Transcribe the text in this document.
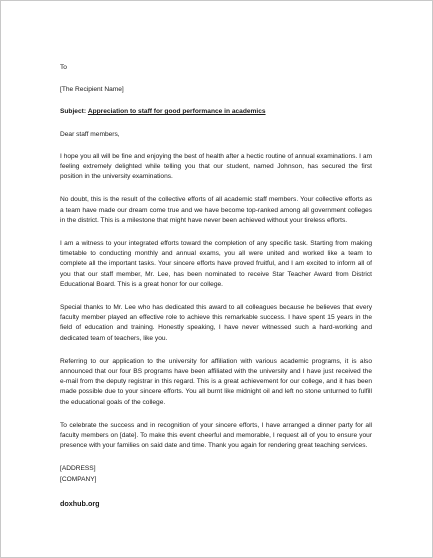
To
[The Recipient Name]
Subject: Appreciation to staff for good performance in academics
Dear staff members,

I hope you all will be fine and enjoying the best of health after a hectic routine of annual examinations. I am feeling extremely delighted while telling you that our student, named Johnson, has secured the first position in the university examinations.

No doubt, this is the result of the collective efforts of all academic staff members. Your collective efforts as a team have made our dream come true and we have become top-ranked among all government colleges in the district. This is a milestone that might have never been achieved without your tireless efforts.

I am a witness to your integrated efforts toward the completion of any specific task. Starting from making timetable to conducting monthly and annual exams, you all were united and worked like a team to complete all the important tasks. Your sincere efforts have proved fruitful, and I am excited to inform all of you that our staff member, Mr. Lee, has been nominated to receive Star Teacher Award from District Educational Board. This is a great honor for our college.

Special thanks to Mr. Lee who has dedicated this award to all colleagues because he believes that every faculty member played an effective role to achieve this remarkable success. I have spent 15 years in the field of education and training. Honestly speaking, I have never witnessed such a hard-working and dedicated team of teachers, like you.

Referring to our application to the university for affiliation with various academic programs, it is also announced that our four BS programs have been affiliated with the university and I have just received the e-mail from the deputy registrar in this regard. This is a great achievement for our college, and it has been made possible due to your sincere efforts. You all burnt like midnight oil and left no stone unturned to fulfill the educational goals of the college.

To celebrate the success and in recognition of your sincere efforts, I have arranged a dinner party for all faculty members on [date]. To make this event cheerful and memorable, I request all of you to ensure your presence with your families on said date and time. Thank you again for rendering great teaching services.

[ADDRESS]
[COMPANY]
doxhub.org
